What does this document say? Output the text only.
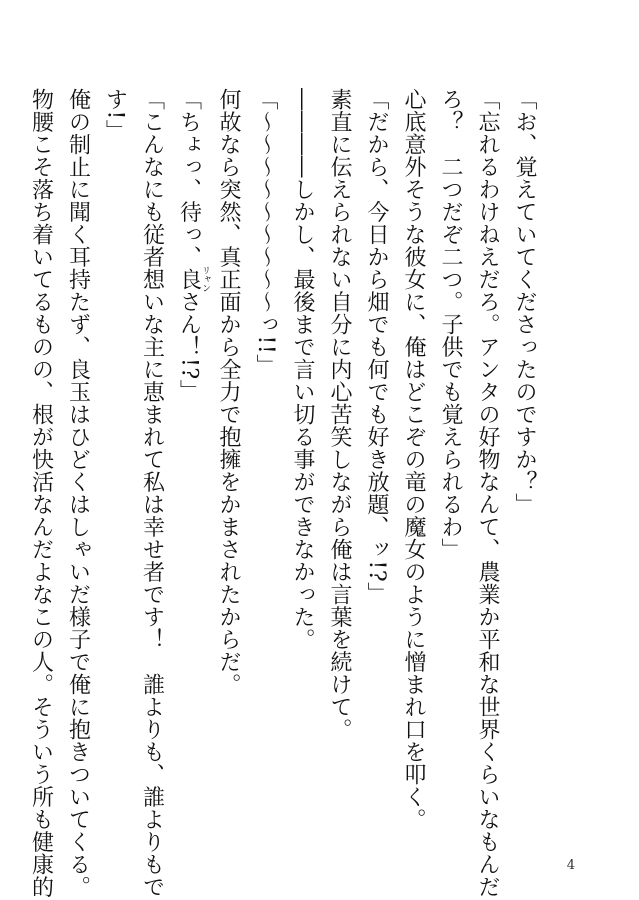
「お、覚えていてくださったのですか？」
「忘れるわけねえだろ。アンタの好物なんて、農業か平和な世界くらいなもんだ
ろ？　二つだぞ二つ。子供でも覚えられるわ」
心底意外そうな彼女に、俺はどこぞの竜の魔女のように憎まれ口を叩く。
「だから、今日から畑でも何でも好き放題、ッ!?」
素直に伝えられない自分に内心苦笑しながら俺は言葉を続けて。
――――しかし、最後まで言い切る事ができなかった。
「〜〜〜〜〜〜〜〜〜っ!!」
何故なら突然、真正面から全力で抱擁をかまされたからだ。
「ちょっ、待っ、良リャンさん！!?」
「こんなにも従者想いな主に恵まれて私は幸せ者です！　誰よりも、誰よりもで
す!」
俺の制止に聞く耳持たず、良玉はひどくはしゃいだ様子で俺に抱きついてくる。
物腰こそ落ち着いてるものの、根が快活なんだよなこの人。そういう所も健康的	4
